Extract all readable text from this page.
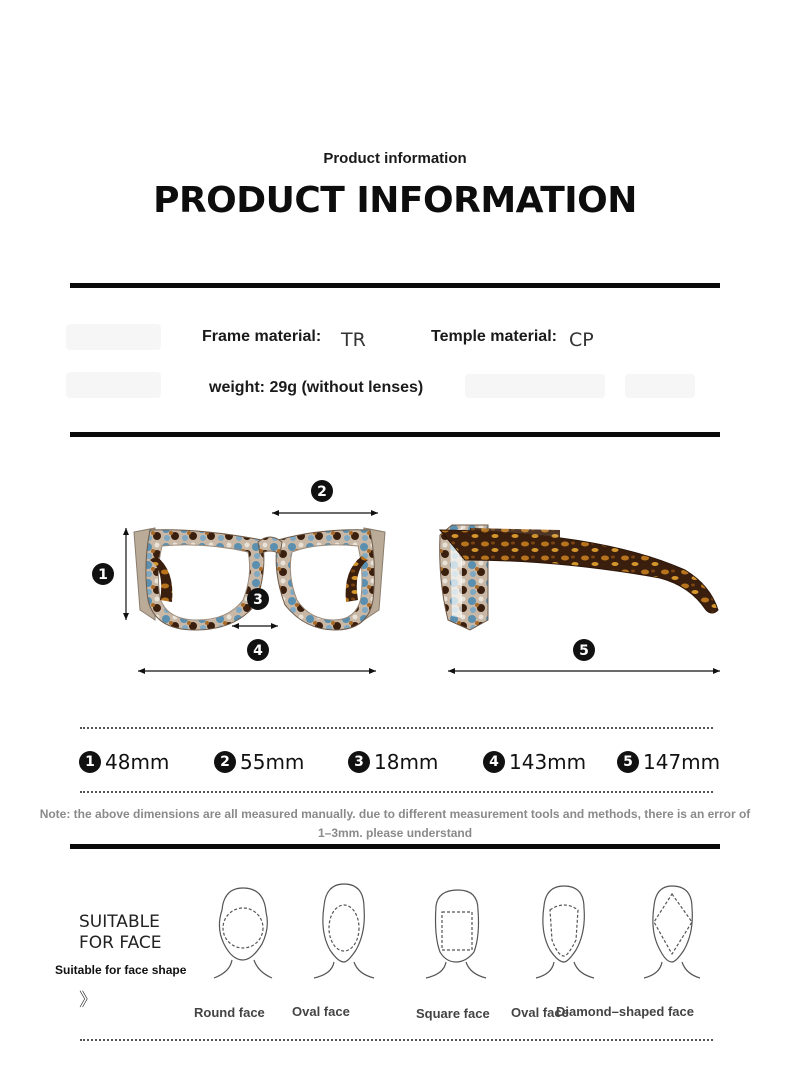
Product information
PRODUCT INFORMATION
Frame material: TR	Temple material: CP
weight: 29g (without lenses)
2
1
3
4	5
1 48mm	2 55mm	3 18mm	4 143mm	5 147mm
Note: the above dimensions are all measured manually. due to different measurement tools and methods, there is an error of
1–3mm. please understand
SUITABLE
FOR FACE
Suitable for face shape
》
Round face Oval face	Square face Oval face
Diamond–shaped face
